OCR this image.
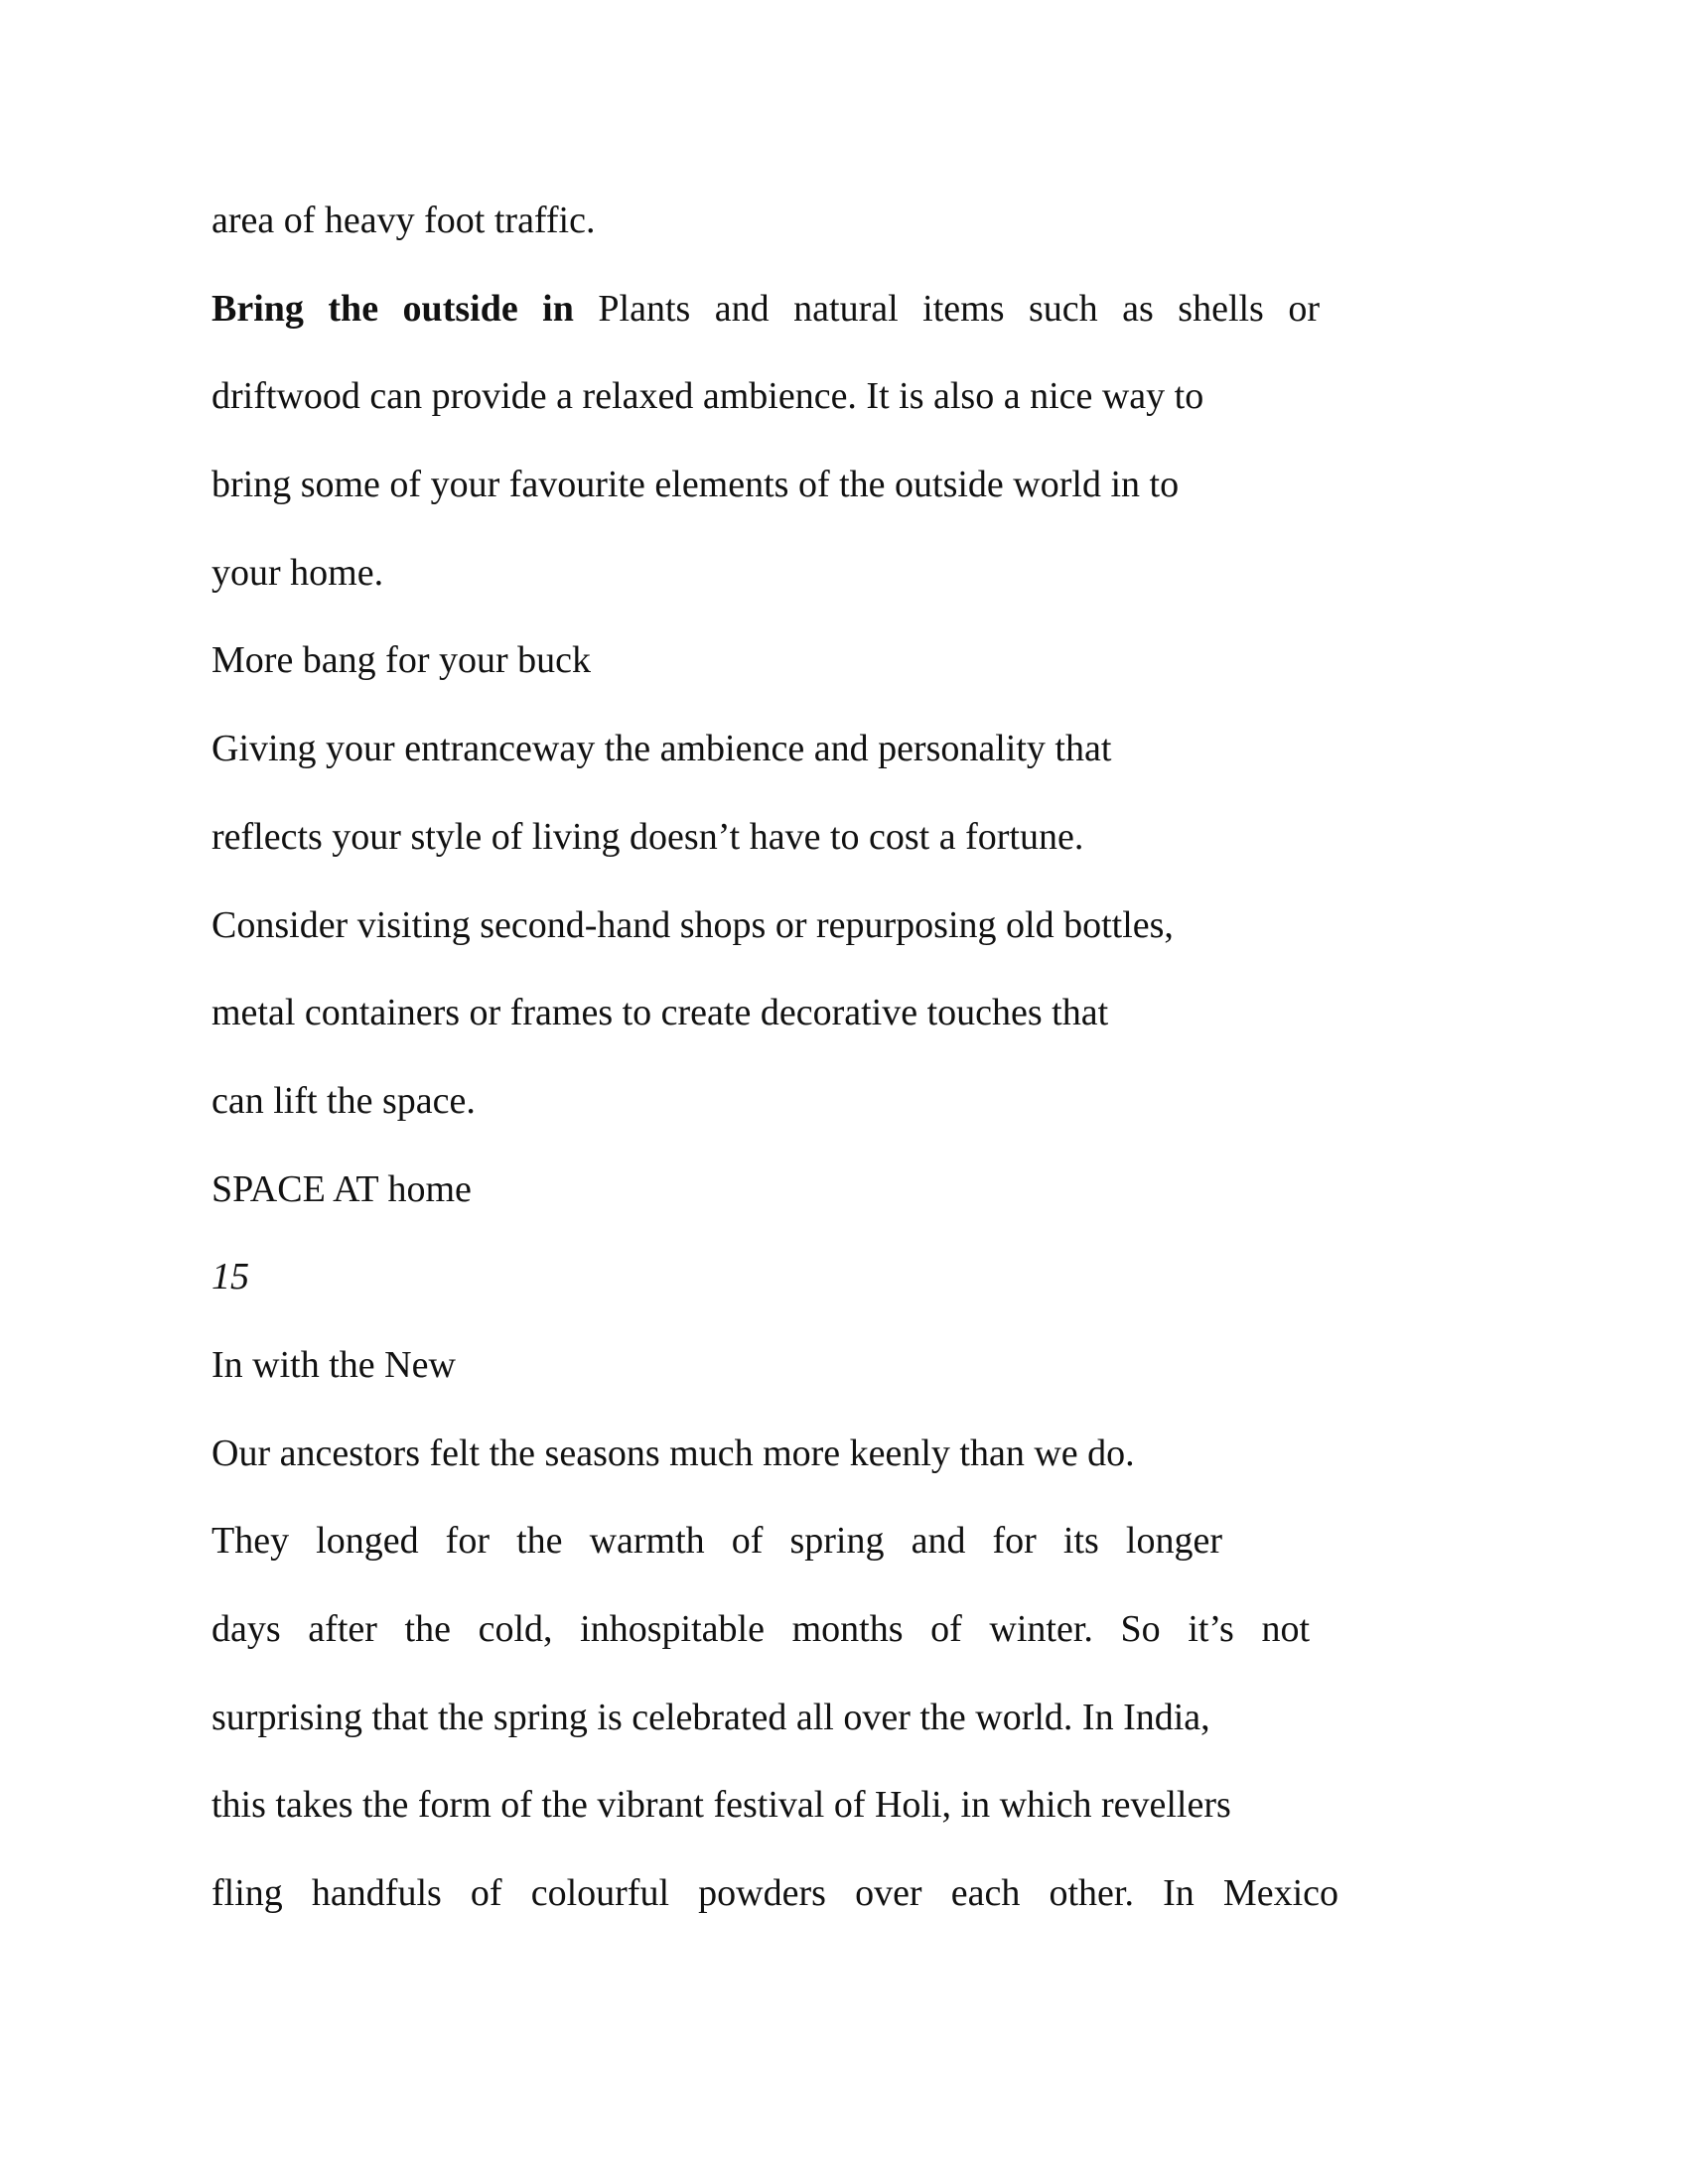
area of heavy foot traffic.
Bring the outside in Plants and natural items such as shells or
driftwood can provide a relaxed ambience. It is also a nice way to
bring some of your favourite elements of the outside world in to
your home.
More bang for your buck
Giving your entranceway the ambience and personality that
reflects your style of living doesn’t have to cost a fortune.
Consider visiting second-hand shops or repurposing old bottles,
metal containers or frames to create decorative touches that
can lift the space.
SPACE AT home
15
In with the New
Our ancestors felt the seasons much more keenly than we do.
They longed for the warmth of spring and for its longer
days after the cold, inhospitable months of winter. So it’s not
surprising that the spring is celebrated all over the world. In India,
this takes the form of the vibrant festival of Holi, in which revellers
fling handfuls of colourful powders over each other. In Mexico
